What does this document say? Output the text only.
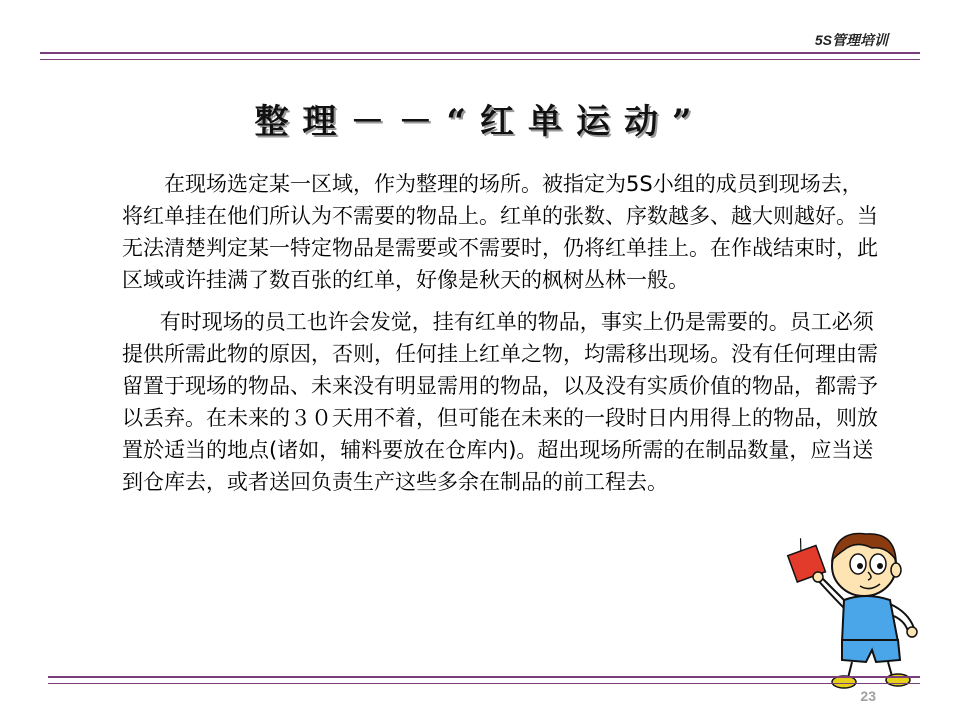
5S管理培训
整理－－“红单运动”

在现场选定某一区域，作为整理的场所。被指定为5S小组的成员到现场去，将红单挂在他们所认为不需要的物品上。红单的张数、序数越多、越大则越好。当无法清楚判定某一特定物品是需要或不需要时，仍将红单挂上。在作战结束时，此区域或许挂满了数百张的红单，好像是秋天的枫树丛林一般。

有时现场的员工也许会发觉，挂有红单的物品，事实上仍是需要的。员工必须提供所需此物的原因，否则，任何挂上红单之物，均需移出现场。没有任何理由需留置于现场的物品、未来没有明显需用的物品，以及没有实质价值的物品，都需予以丢弃。在未来的３０天用不着，但可能在未来的一段时日内用得上的物品，则放置於适当的地点(诸如，辅料要放在仓库内)。超出现场所需的在制品数量，应当送到仓库去，或者送回负责生产这些多余在制品的前工程去。

23
